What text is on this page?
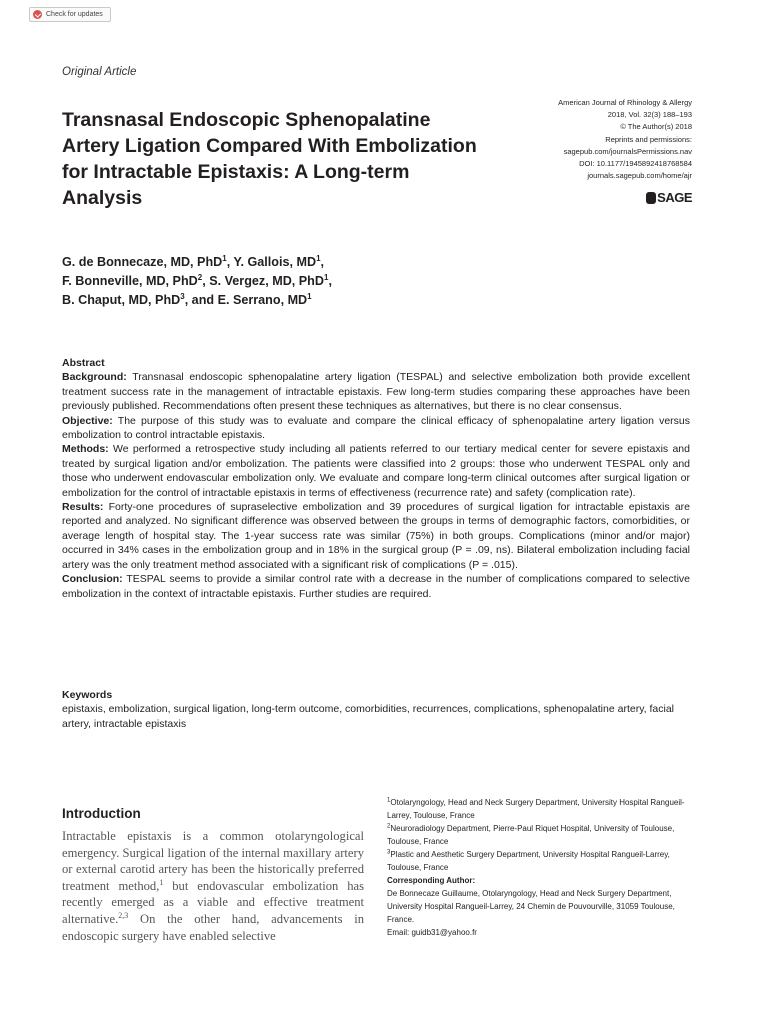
Check for updates
Original Article
Transnasal Endoscopic Sphenopalatine Artery Ligation Compared With Embolization for Intractable Epistaxis: A Long-term Analysis
American Journal of Rhinology & Allergy
2018, Vol. 32(3) 188–193
© The Author(s) 2018
Reprints and permissions:
sagepub.com/journalsPermissions.nav
DOI: 10.1177/1945892418768584
journals.sagepub.com/home/ajr
SAGE
G. de Bonnecaze, MD, PhD$^1$, Y. Gallois, $MD^1$,
F. Bonneville, MD, PhD$^2$, S. Vergez, MD, PhD$^1$,
B. Chaput, MD, PhD$^3$, and E. Serrano, $MD^1$

Abstract

Background: Transnasal endoscopic sphenopalatine artery ligation (TESPAL) and selective embolization both provide excellent treatment success rate in the management of intractable epistaxis. Few long-term studies comparing these approaches have been previously published. Recommendations often present these techniques as alternatives, but there is no clear consensus.

Objective: The purpose of this study was to evaluate and compare the clinical efficacy of sphenopalatine artery ligation versus embolization to control intractable epistaxis.

Methods: We performed a retrospective study including all patients referred to our tertiary medical center for severe epistaxis and treated by surgical ligation and/or embolization. The patients were classified into 2 groups: those who underwent TESPAL only and those who underwent endovascular embolization only. We evaluate and compare long-term clinical outcomes after surgical ligation or embolization for the control of intractable epistaxis in terms of effectiveness (recurrence rate) and safety (complication rate).

Results: Forty-one procedures of supraselective embolization and 39 procedures of surgical ligation for intractable epistaxis are reported and analyzed. No significant difference was observed between the groups in terms of demographic factors, comorbidities, or average length of hospital stay. The 1-year success rate was similar (75%) in both groups. Complications (minor and/or major) occurred in 34% cases in the embolization group and in 18% in the surgical group (P = .09, ns). Bilateral embolization including facial artery was the only treatment method associated with a significant risk of complications (P = .015).

Conclusion: TESPAL seems to provide a similar control rate with a decrease in the number of complications compared to selective embolization in the context of intractable epistaxis. Further studies are required.

Keywords
epistaxis, embolization, surgical ligation, long-term outcome, comorbidities, recurrences, complications, sphenopalatine artery, facial artery, intractable epistaxis
Introduction
Intractable epistaxis is a common otolaryngological emergency. Surgical ligation of the internal maxillary artery or external carotid artery has been the historically preferred treatment method,$^1$ but endovascular embolization has recently emerged as a viable and effective treatment alternative.$^{2,3}$ On the other hand, advancements in endoscopic surgery have enabled selective

$^1$Otolaryngology, Head and Neck Surgery Department, University Hospital Rangueil-Larrey, Toulouse, France

$^2$Neuroradiology Department, Pierre-Paul Riquet Hospital, University of Toulouse, Toulouse, France

$^3$Plastic and Aesthetic Surgery Department, University Hospital Rangueil-Larrey, Toulouse, France

Corresponding Author:

De Bonnecaze Guillaume, Otolaryngology, Head and Neck Surgery Department, University Hospital Rangueil-Larrey, 24 Chemin de Pouvourville, 31059 Toulouse, France.

Email: guidb31@yahoo.fr
